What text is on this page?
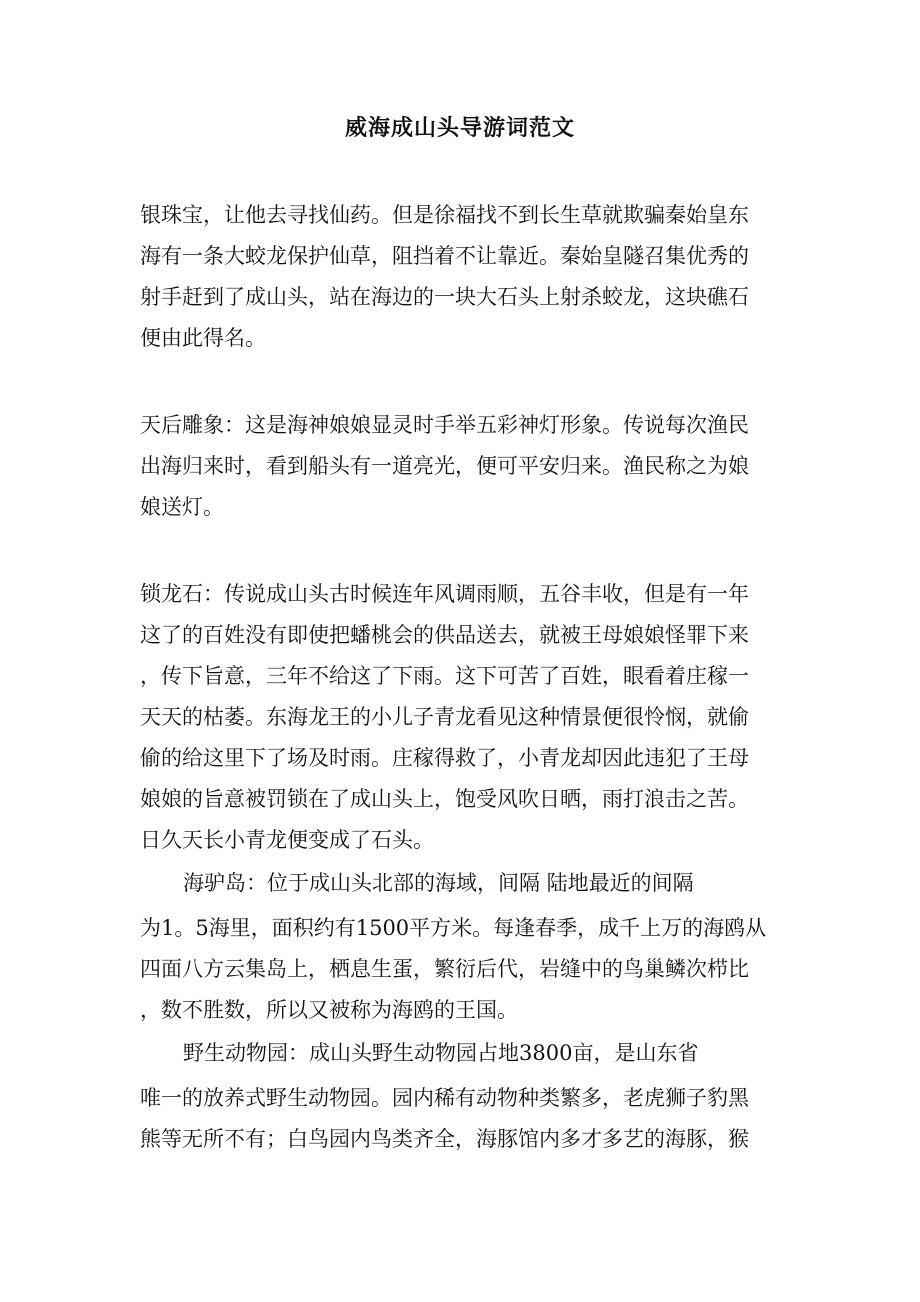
威海成山头导游词范文
银珠宝，让他去寻找仙药。但是徐福找不到长生草就欺骗秦始皇东
海有一条大蛟龙保护仙草，阻挡着不让靠近。秦始皇隧召集优秀的
射手赶到了成山头，站在海边的一块大石头上射杀蛟龙，这块礁石
便由此得名。
天后雕象：这是海神娘娘显灵时手举五彩神灯形象。传说每次渔民
出海归来时，看到船头有一道亮光，便可平安归来。渔民称之为娘
娘送灯。
锁龙石：传说成山头古时候连年风调雨顺，五谷丰收，但是有一年
这了的百姓没有即使把蟠桃会的供品送去，就被王母娘娘怪罪下来
，传下旨意，三年不给这了下雨。这下可苦了百姓，眼看着庄稼一
天天的枯萎。东海龙王的小儿子青龙看见这种情景便很怜悯，就偷
偷的给这里下了场及时雨。庄稼得救了，小青龙却因此违犯了王母
娘娘的旨意被罚锁在了成山头上，饱受风吹日晒，雨打浪击之苦。
日久天长小青龙便变成了石头。
海驴岛：位于成山头北部的海域，间隔 陆地最近的间隔
为1。5海里，面积约有1500平方米。每逢春季，成千上万的海鸥从
四面八方云集岛上，栖息生蛋，繁衍后代，岩缝中的鸟巢鳞次栉比
，数不胜数，所以又被称为海鸥的王国。
野生动物园：成山头野生动物园占地3800亩，是山东省
唯一的放养式野生动物园。园内稀有动物种类繁多，老虎狮子豹黑
熊等无所不有；白鸟园内鸟类齐全，海豚馆内多才多艺的海豚，猴
